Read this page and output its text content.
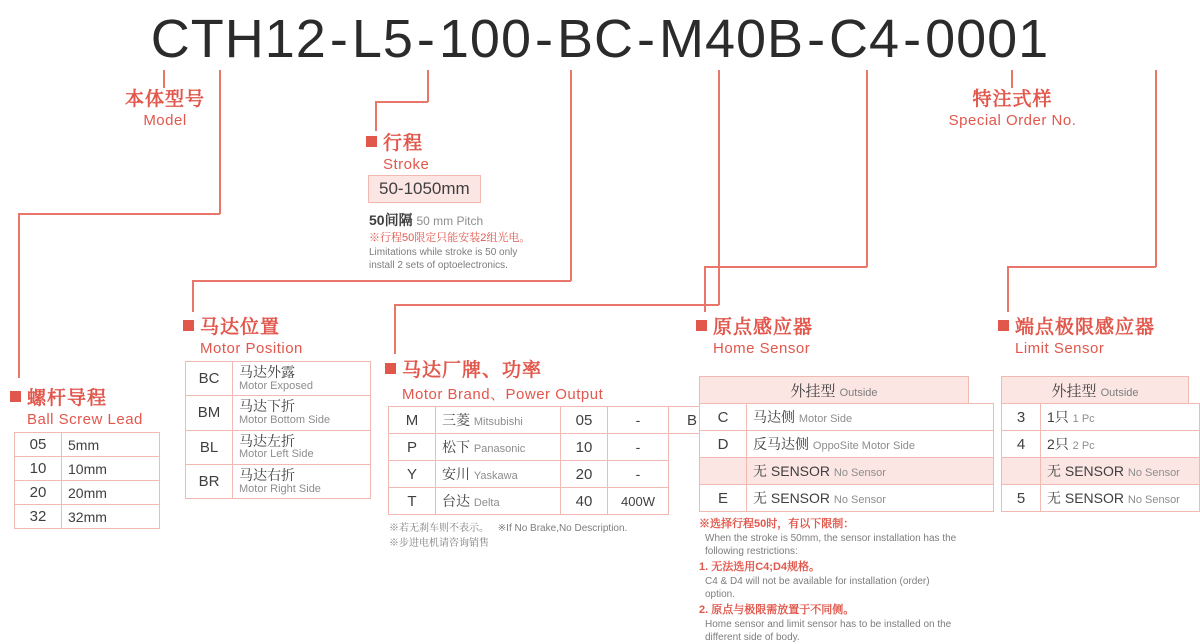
CTH12-L5-100-BC-M40B-C4-0001
本体型号
Model
特注式样
Special Order No.
行程
Stroke
50-1050mm
50间隔 50 mm Pitch
※行程50限定只能安装2组光电。
Limitations while stroke is 50 only install 2 sets of optoelectronics.
螺杆导程
Ball Screw Lead
05	5mm
10	10mm
20	20mm
32	32mm
马达位置
Motor Position
BC	马达外露
Motor Exposed

BM	马达下折
Motor Bottom Side

BL	马达左折
Motor Left Side

BR	马达右折
Motor Right Side
马达厂牌、功率
Motor Brand、Power Output
M	三菱 Mitsubishi	05	-	B
P	松下 Panasonic	10	-	
Y	安川 Yaskawa	20	-	
T	台达 Delta	40	400W	
※若无刹车则不表示。 ※If No Brake,No Description.
※步进电机请咨询销售
原点感应器
Home Sensor
外挂型 Outside
C	马达侧 Motor Side
D	反马达侧 OppoSite Motor Side
	无 SENSOR No Sensor
E	无 SENSOR No Sensor
※选择行程50时，有以下限制：
When the stroke is 50mm, the sensor installation has the following restrictions:
1. 无法选用C4;D4规格。
C4 & D4 will not be available for installation (order) option.
2. 原点与极限需放置于不同侧。
Home sensor and limit sensor has to be installed on the different side of body.
端点极限感应器
Limit Sensor
外挂型 Outside
3	1只 1 Pc
4	2只 2 Pc
	无 SENSOR No Sensor
5	无 SENSOR No Sensor
